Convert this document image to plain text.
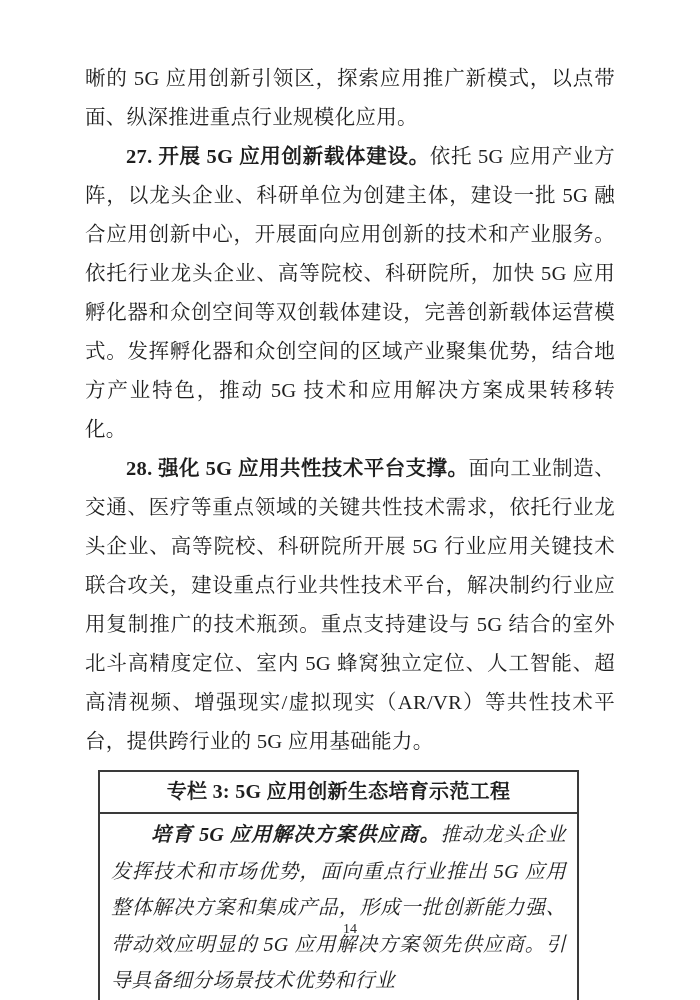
晰的 5G 应用创新引领区，探索应用推广新模式，以点带面、纵深推进重点行业规模化应用。

27. 开展 5G 应用创新载体建设。依托 5G 应用产业方阵，以龙头企业、科研单位为创建主体，建设一批 5G 融合应用创新中心，开展面向应用创新的技术和产业服务。依托行业龙头企业、高等院校、科研院所，加快 5G 应用孵化器和众创空间等双创载体建设，完善创新载体运营模式。发挥孵化器和众创空间的区域产业聚集优势，结合地方产业特色，推动 5G 技术和应用解决方案成果转移转化。

28. 强化 5G 应用共性技术平台支撑。面向工业制造、交通、医疗等重点领域的关键共性技术需求，依托行业龙头企业、高等院校、科研院所开展 5G 行业应用关键技术联合攻关，建设重点行业共性技术平台，解决制约行业应用复制推广的技术瓶颈。重点支持建设与 5G 结合的室外北斗高精度定位、室内 5G 蜂窝独立定位、人工智能、超高清视频、增强现实/虚拟现实（AR/VR）等共性技术平台，提供跨行业的 5G 应用基础能力。

专栏 3: 5G 应用创新生态培育示范工程
培育 5G 应用解决方案供应商。推动龙头企业发挥技术和市场优势，面向重点行业推出 5G 应用整体解决方案和集成产品，形成一批创新能力强、带动效应明显的 5G 应用解决方案领先供应商。引导具备细分场景技术优势和行业
14
